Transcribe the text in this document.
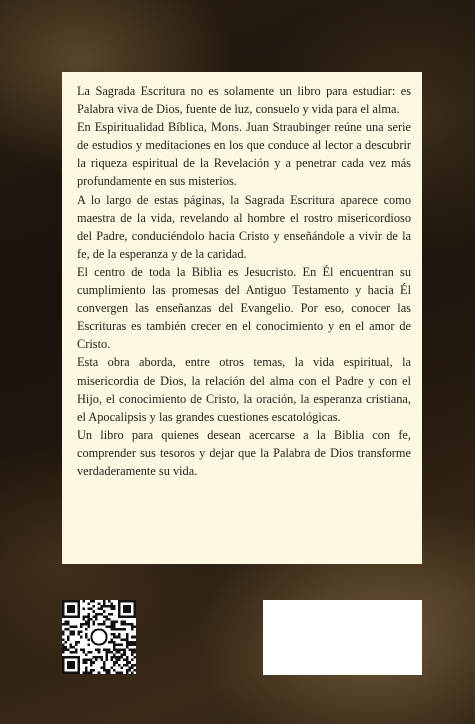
La Sagrada Escritura no es solamente un libro para estudiar: es Palabra viva de Dios, fuente de luz, consuelo y vida para el alma.

En Espiritualidad Bíblica, Mons. Juan Straubinger reúne una serie de estudios y meditaciones en los que conduce al lector a descubrir la riqueza espiritual de la Revelación y a penetrar cada vez más profundamente en sus misterios.

A lo largo de estas páginas, la Sagrada Escritura aparece como maestra de la vida, revelando al hombre el rostro misericordioso del Padre, conduciéndolo hacia Cristo y enseñándole a vivir de la fe, de la esperanza y de la caridad.

El centro de toda la Biblia es Jesucristo. En Él encuentran su cumplimiento las promesas del Antiguo Testamento y hacia Él convergen las enseñanzas del Evangelio. Por eso, conocer las Escrituras es también crecer en el conocimiento y en el amor de Cristo.

Esta obra aborda, entre otros temas, la vida espiritual, la misericordia de Dios, la relación del alma con el Padre y con el Hijo, el conocimiento de Cristo, la oración, la esperanza cristiana, el Apocalipsis y las grandes cuestiones escatológicas.

Un libro para quienes desean acercarse a la Biblia con fe, comprender sus tesoros y dejar que la Palabra de Dios transforme verdaderamente su vida.
